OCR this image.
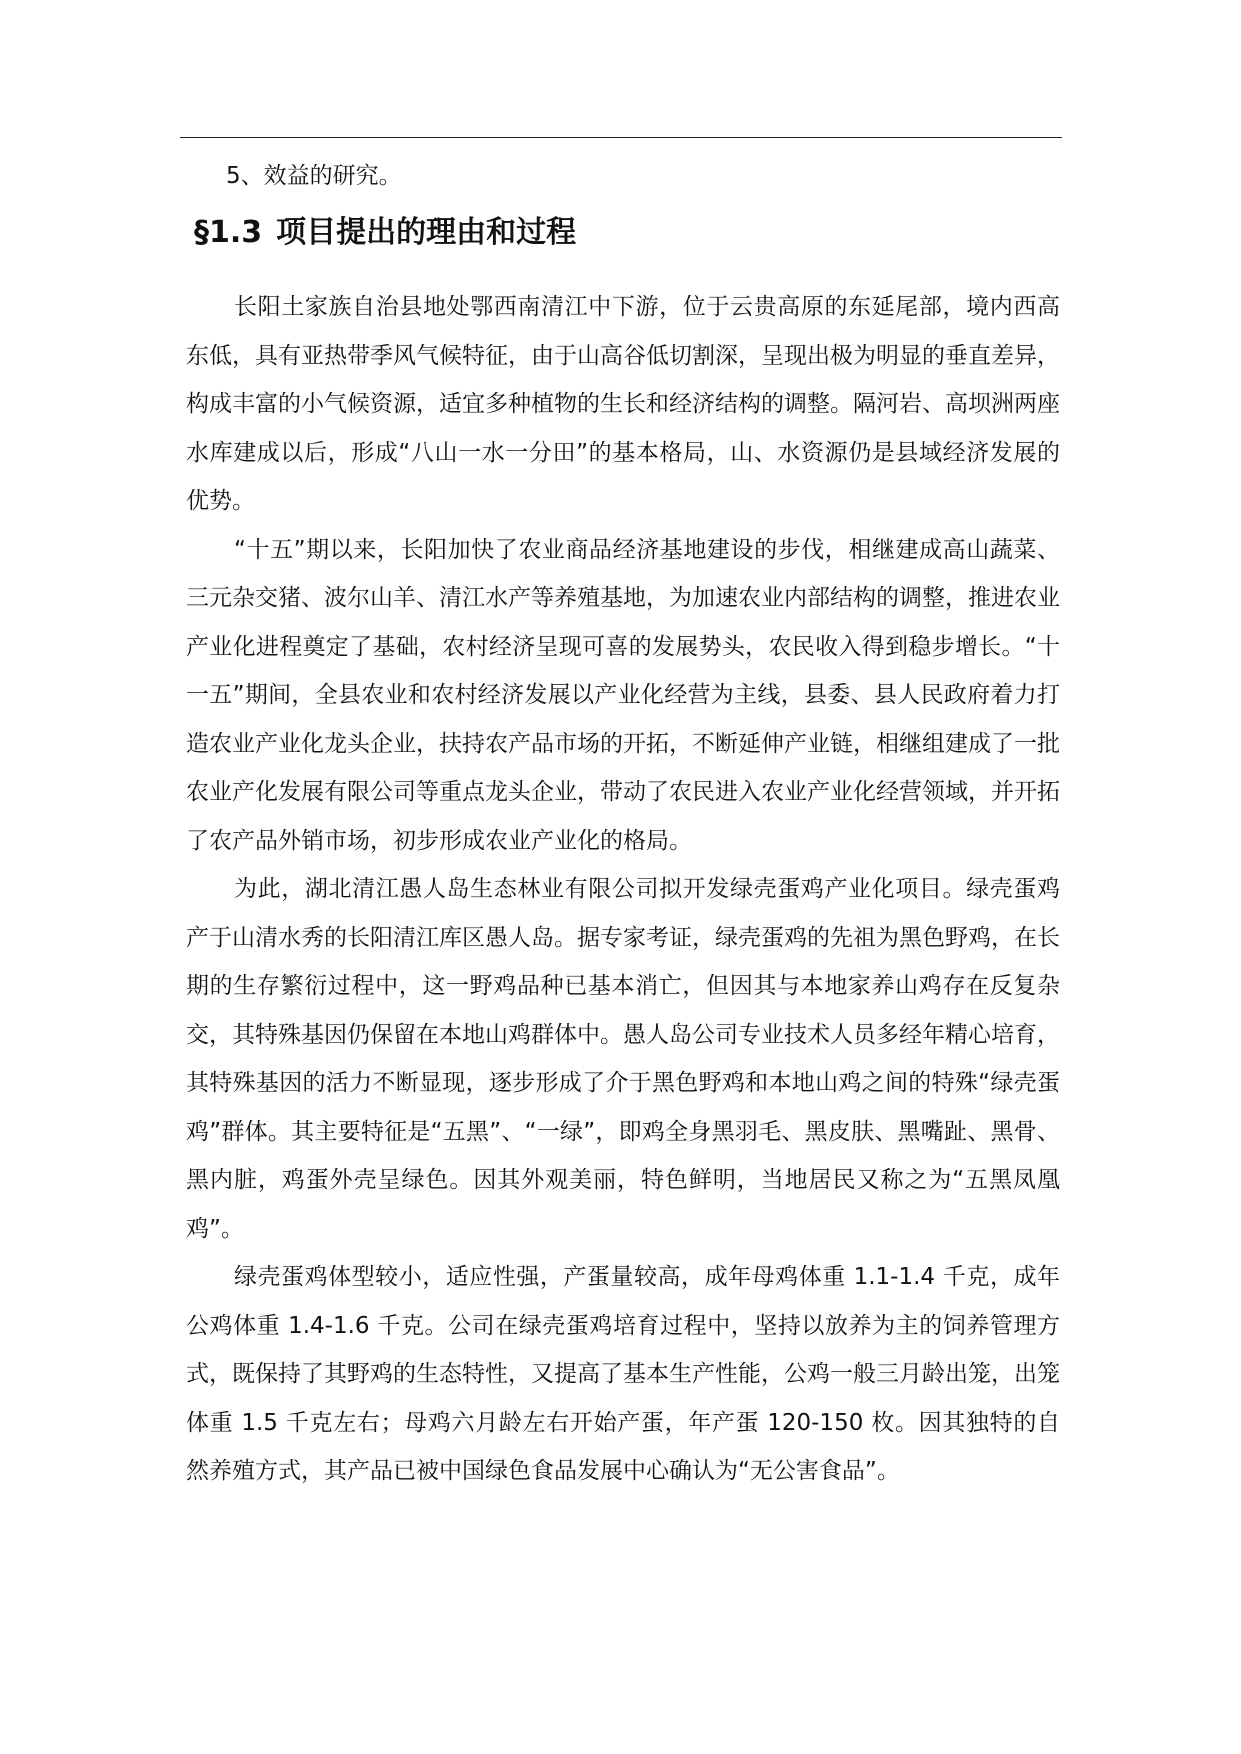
5、效益的研究。

§1.3 项目提出的理由和过程

长阳土家族自治县地处鄂西南清江中下游，位于云贵高原的东延尾部，境内西高东低，具有亚热带季风气候特征，由于山高谷低切割深，呈现出极为明显的垂直差异，构成丰富的小气候资源，适宜多种植物的生长和经济结构的调整。隔河岩、高坝洲两座水库建成以后，形成“八山一水一分田”的基本格局，山、水资源仍是县域经济发展的优势。

“十五”期以来，长阳加快了农业商品经济基地建设的步伐，相继建成高山蔬菜、三元杂交猪、波尔山羊、清江水产等养殖基地，为加速农业内部结构的调整，推进农业产业化进程奠定了基础，农村经济呈现可喜的发展势头，农民收入得到稳步增长。“十一五”期间，全县农业和农村经济发展以产业化经营为主线，县委、县人民政府着力打造农业产业化龙头企业，扶持农产品市场的开拓，不断延伸产业链，相继组建成了一批农业产化发展有限公司等重点龙头企业，带动了农民进入农业产业化经营领域，并开拓了农产品外销市场，初步形成农业产业化的格局。

为此，湖北清江愚人岛生态林业有限公司拟开发绿壳蛋鸡产业化项目。绿壳蛋鸡产于山清水秀的长阳清江库区愚人岛。据专家考证，绿壳蛋鸡的先祖为黑色野鸡，在长期的生存繁衍过程中，这一野鸡品种已基本消亡，但因其与本地家养山鸡存在反复杂交，其特殊基因仍保留在本地山鸡群体中。愚人岛公司专业技术人员多经年精心培育，其特殊基因的活力不断显现，逐步形成了介于黑色野鸡和本地山鸡之间的特殊“绿壳蛋鸡”群体。其主要特征是“五黑”、“一绿”，即鸡全身黑羽毛、黑皮肤、黑嘴趾、黑骨、黑内脏，鸡蛋外壳呈绿色。因其外观美丽，特色鲜明，当地居民又称之为“五黑凤凰鸡”。

绿壳蛋鸡体型较小，适应性强，产蛋量较高，成年母鸡体重 1.1-1.4 千克，成年公鸡体重 1.4-1.6 千克。公司在绿壳蛋鸡培育过程中，坚持以放养为主的饲养管理方式，既保持了其野鸡的生态特性，又提高了基本生产性能，公鸡一般三月龄出笼，出笼体重 1.5 千克左右；母鸡六月龄左右开始产蛋，年产蛋 120-150 枚。因其独特的自然养殖方式，其产品已被中国绿色食品发展中心确认为“无公害食品”。
